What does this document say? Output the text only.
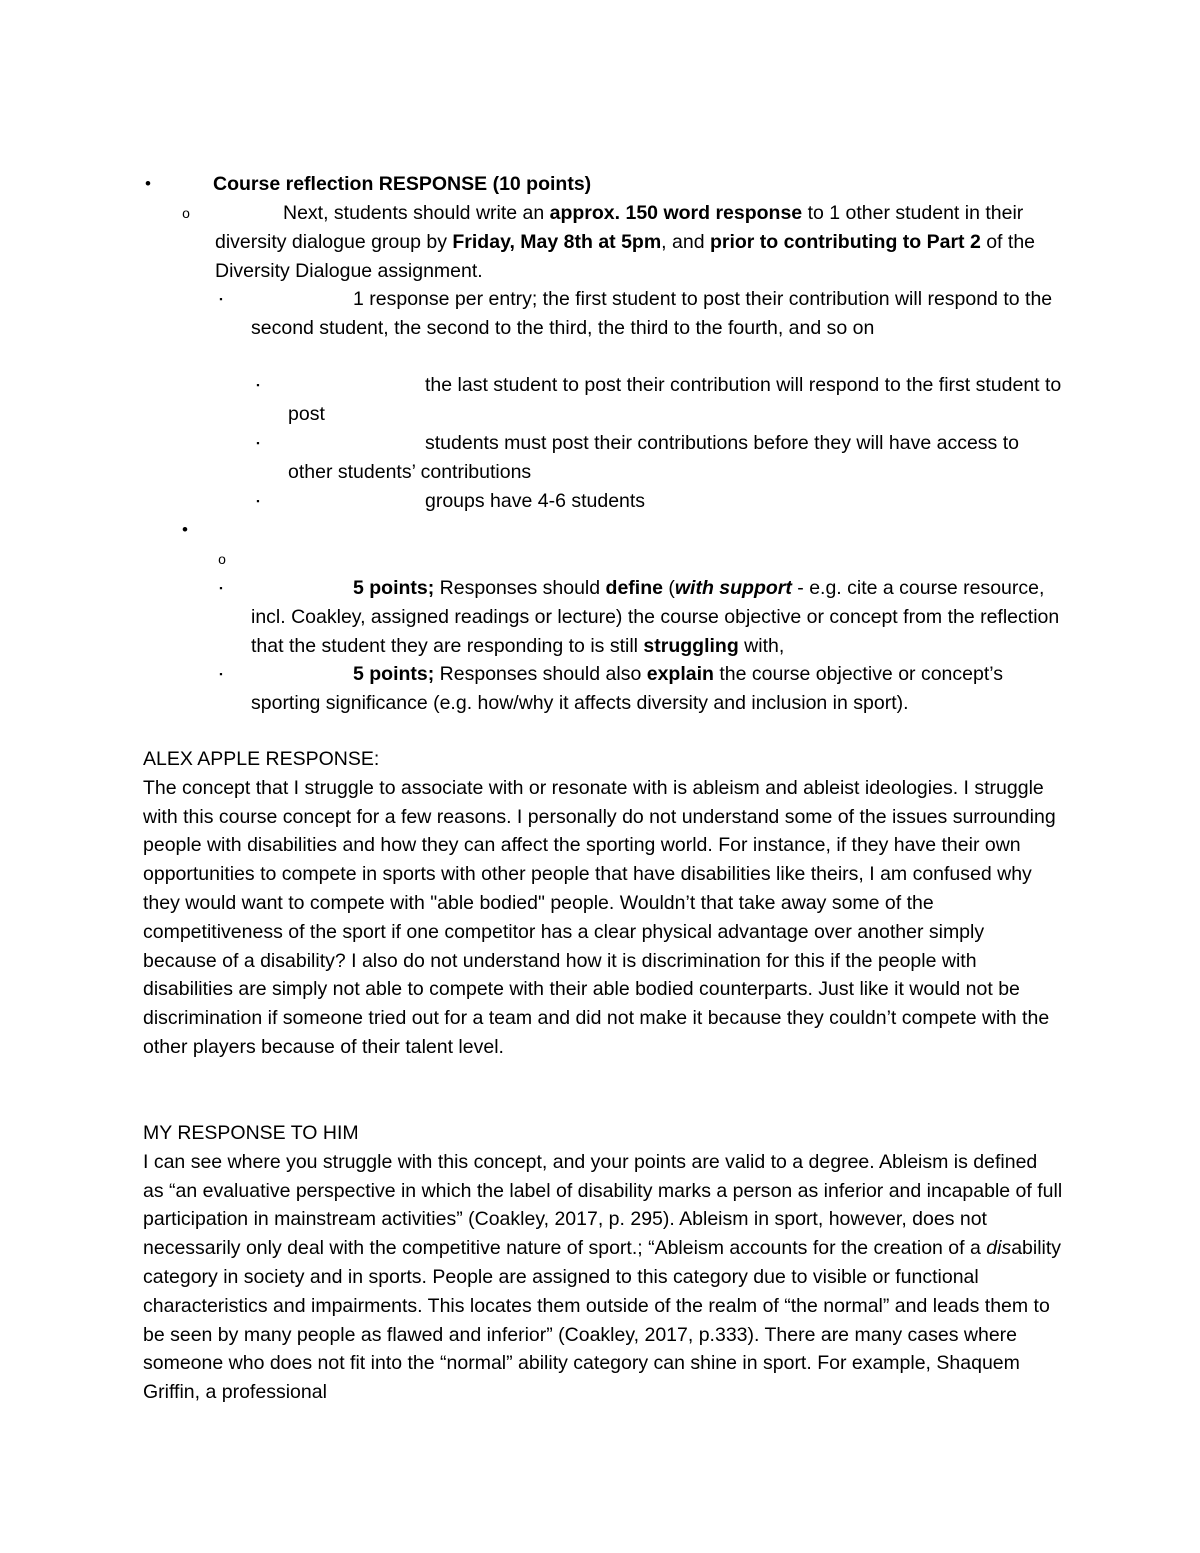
•	Course reflection RESPONSE (10 points)

o	Next, students should write an approx. 150 word response to 1 other student in their diversity dialogue group by Friday, May 8th at 5pm, and prior to contributing to Part 2 of the Diversity Dialogue assignment.

▪	1 response per entry; the first student to post their contribution will respond to the second student, the second to the third, the third to the fourth, and so on

▪	the last student to post their contribution will respond to the first student to post

▪	students must post their contributions before they will have access to other students’ contributions

▪	groups have 4-6 students

•
o
▪	5 points; Responses should define (with support - e.g. cite a course resource, incl. Coakley, assigned readings or lecture) the course objective or concept from the reflection that the student they are responding to is still struggling with,

▪	5 points; Responses should also explain the course objective or concept’s sporting significance (e.g. how/why it affects diversity and inclusion in sport).

ALEX APPLE RESPONSE:

The concept that I struggle to associate with or resonate with is ableism and ableist ideologies. I struggle with this course concept for a few reasons. I personally do not understand some of the issues surrounding people with disabilities and how they can affect the sporting world. For instance, if they have their own opportunities to compete in sports with other people that have disabilities like theirs, I am confused why they would want to compete with "able bodied" people. Wouldn’t that take away some of the competitiveness of the sport if one competitor has a clear physical advantage over another simply because of a disability? I also do not understand how it is discrimination for this if the people with disabilities are simply not able to compete with their able bodied counterparts. Just like it would not be discrimination if someone tried out for a team and did not make it because they couldn’t compete with the other players because of their talent level.

MY RESPONSE TO HIM

I can see where you struggle with this concept, and your points are valid to a degree. Ableism is defined as “an evaluative perspective in which the label of disability marks a person as inferior and incapable of full participation in mainstream activities” (Coakley, 2017, p. 295). Ableism in sport, however, does not necessarily only deal with the competitive nature of sport.; “Ableism accounts for the creation of a disability category in society and in sports. People are assigned to this category due to visible or functional characteristics and impairments. This locates them outside of the realm of “the normal” and leads them to be seen by many people as flawed and inferior” (Coakley, 2017, p.333). There are many cases where someone who does not fit into the “normal” ability category can shine in sport. For example, Shaquem Griffin, a professional
